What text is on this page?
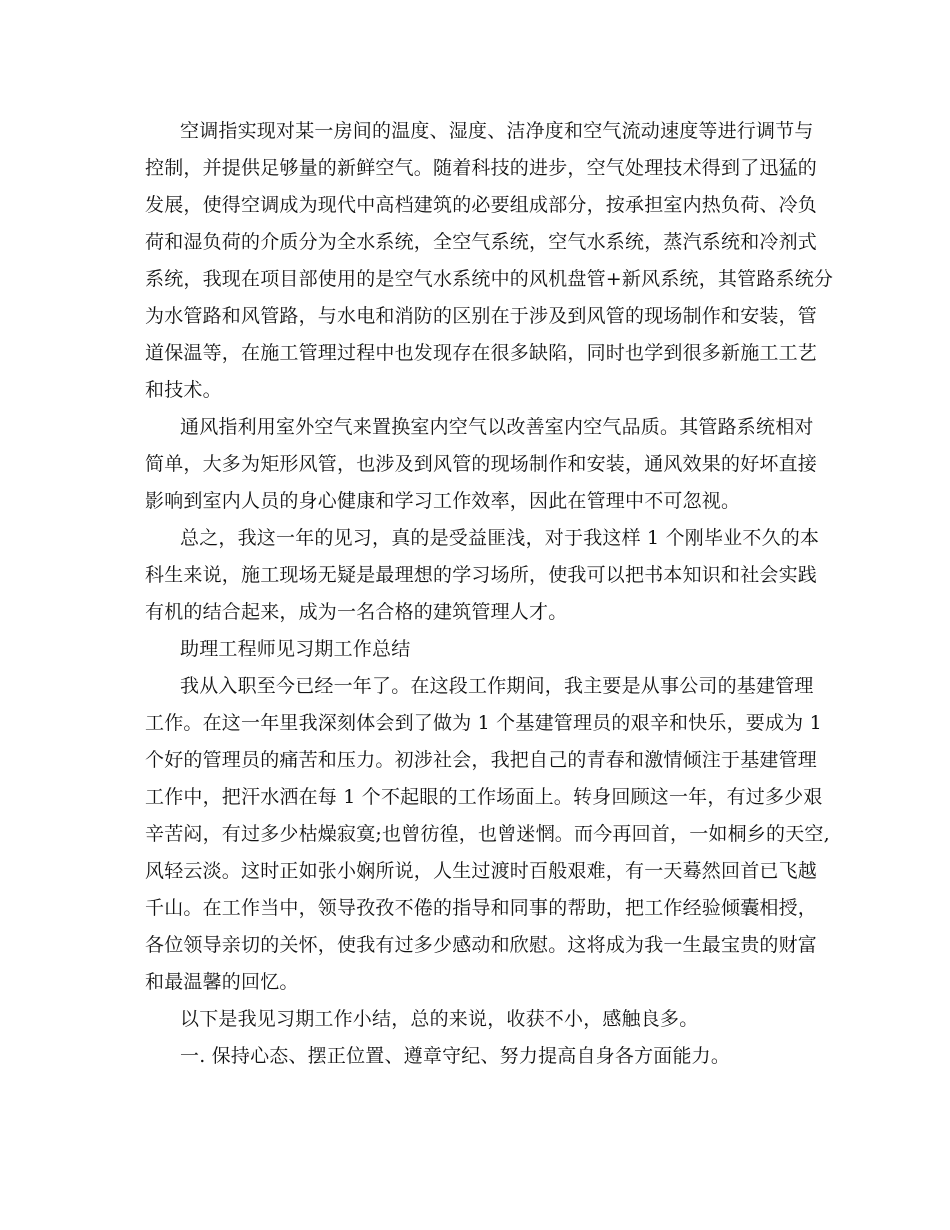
空调指实现对某一房间的温度、湿度、洁净度和空气流动速度等进行调节与
控制，并提供足够量的新鲜空气。随着科技的进步，空气处理技术得到了迅猛的
发展，使得空调成为现代中高档建筑的必要组成部分，按承担室内热负荷、冷负
荷和湿负荷的介质分为全水系统，全空气系统，空气水系统，蒸汽系统和冷剂式
系统，我现在项目部使用的是空气水系统中的风机盘管+新风系统，其管路系统分
为水管路和风管路，与水电和消防的区别在于涉及到风管的现场制作和安装，管
道保温等，在施工管理过程中也发现存在很多缺陷，同时也学到很多新施工工艺
和技术。
通风指利用室外空气来置换室内空气以改善室内空气品质。其管路系统相对
简单，大多为矩形风管，也涉及到风管的现场制作和安装，通风效果的好坏直接
影响到室内人员的身心健康和学习工作效率，因此在管理中不可忽视。
总之，我这一年的见习，真的是受益匪浅，对于我这样 1 个刚毕业不久的本
科生来说，施工现场无疑是最理想的学习场所，使我可以把书本知识和社会实践
有机的结合起来，成为一名合格的建筑管理人才。
助理工程师见习期工作总结
我从入职至今已经一年了。在这段工作期间，我主要是从事公司的基建管理
工作。在这一年里我深刻体会到了做为 1 个基建管理员的艰辛和快乐，要成为 1
个好的管理员的痛苦和压力。初涉社会，我把自己的青春和激情倾注于基建管理
工作中，把汗水洒在每 1 个不起眼的工作场面上。转身回顾这一年，有过多少艰
辛苦闷，有过多少枯燥寂寞;也曾彷徨，也曾迷惘。而今再回首，一如桐乡的天空,
风轻云淡。这时正如张小娴所说，人生过渡时百般艰难，有一天蓦然回首已飞越
千山。在工作当中，领导孜孜不倦的指导和同事的帮助，把工作经验倾囊相授，
各位领导亲切的关怀，使我有过多少感动和欣慰。这将成为我一生最宝贵的财富
和最温馨的回忆。
以下是我见习期工作小结，总的来说，收获不小，感触良多。
一. 保持心态、摆正位置、遵章守纪、努力提高自身各方面能力。
